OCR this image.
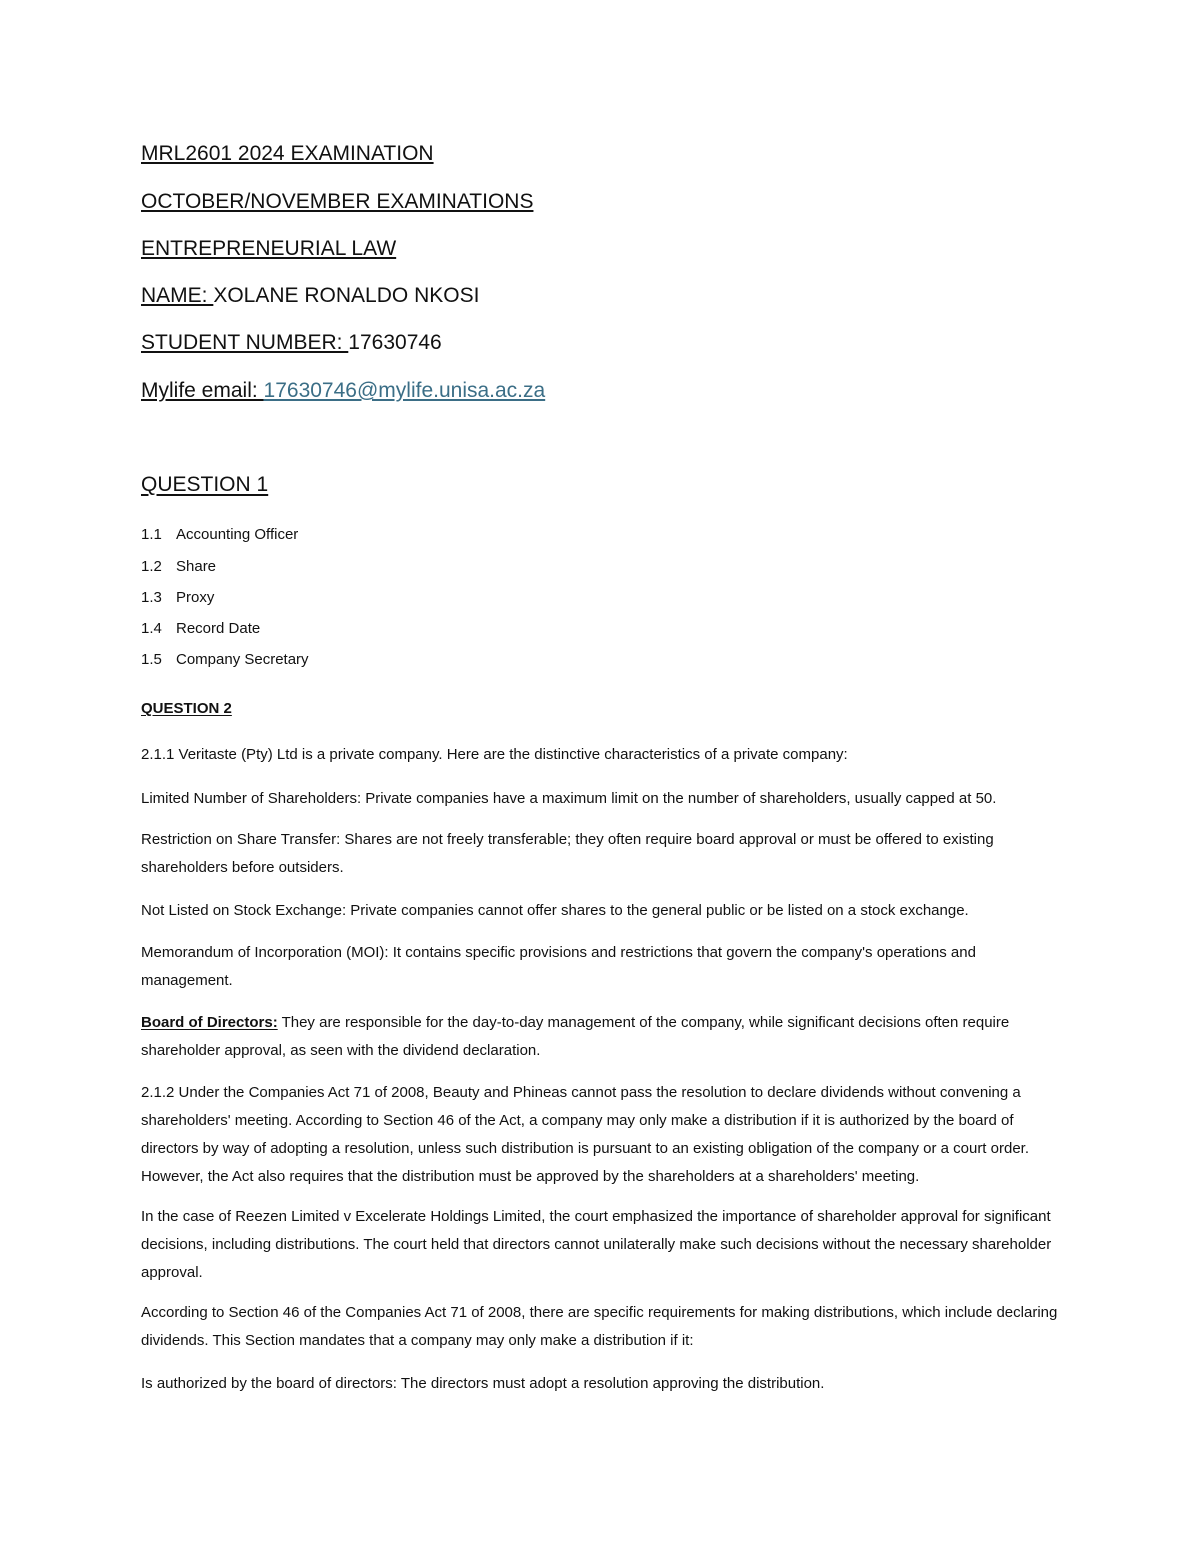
MRL2601 2024 EXAMINATION

OCTOBER/NOVEMBER EXAMINATIONS

ENTREPRENEURIAL LAW

NAME: XOLANE RONALDO NKOSI

STUDENT NUMBER: 17630746

Mylife email: 17630746@mylife.unisa.ac.za

QUESTION 1

1.1 Accounting Officer
1.2 Share
1.3 Proxy
1.4 Record Date
1.5 Company Secretary

QUESTION 2

2.1.1 Veritaste (Pty) Ltd is a private company. Here are the distinctive characteristics of a private company:

Limited Number of Shareholders: Private companies have a maximum limit on the number of shareholders, usually capped at 50.

Restriction on Share Transfer: Shares are not freely transferable; they often require board approval or must be offered to existing shareholders before outsiders.

Not Listed on Stock Exchange: Private companies cannot offer shares to the general public or be listed on a stock exchange.

Memorandum of Incorporation (MOI): It contains specific provisions and restrictions that govern the company's operations and management.

Board of Directors: They are responsible for the day-to-day management of the company, while significant decisions often require shareholder approval, as seen with the dividend declaration.

2.1.2 Under the Companies Act 71 of 2008, Beauty and Phineas cannot pass the resolution to declare dividends without convening a shareholders' meeting. According to Section 46 of the Act, a company may only make a distribution if it is authorized by the board of directors by way of adopting a resolution, unless such distribution is pursuant to an existing obligation of the company or a court order. However, the Act also requires that the distribution must be approved by the shareholders at a shareholders' meeting.

In the case of Reezen Limited v Excelerate Holdings Limited, the court emphasized the importance of shareholder approval for significant decisions, including distributions. The court held that directors cannot unilaterally make such decisions without the necessary shareholder approval.

According to Section 46 of the Companies Act 71 of 2008, there are specific requirements for making distributions, which include declaring dividends. This Section mandates that a company may only make a distribution if it:

Is authorized by the board of directors: The directors must adopt a resolution approving the distribution.
